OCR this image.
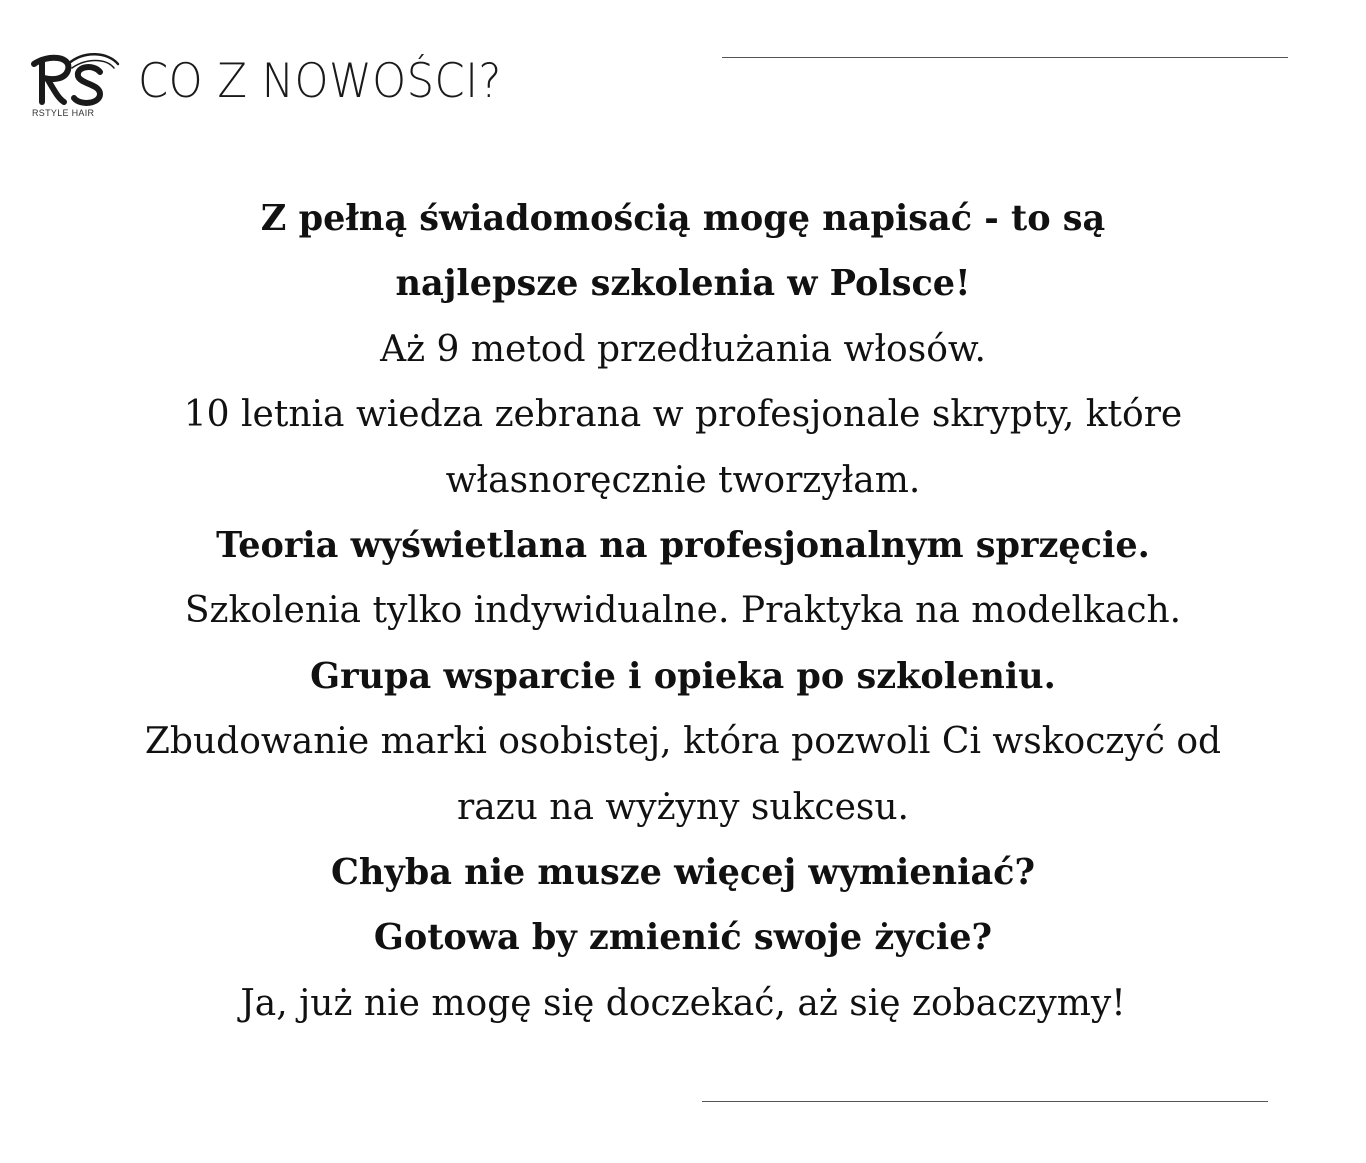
RSTYLE HAIR
CO Z NOWOŚCI?
Z pełną świadomością mogę napisać - to są
najlepsze szkolenia w Polsce!
Aż 9 metod przedłużania włosów.
10 letnia wiedza zebrana w profesjonale skrypty, które
własnoręcznie tworzyłam.
Teoria wyświetlana na profesjonalnym sprzęcie.
Szkolenia tylko indywidualne. Praktyka na modelkach.
Grupa wsparcie i opieka po szkoleniu.
Zbudowanie marki osobistej, która pozwoli Ci wskoczyć od
razu na wyżyny sukcesu.
Chyba nie musze więcej wymieniać?
Gotowa by zmienić swoje życie?
Ja, już nie mogę się doczekać, aż się zobaczymy!
